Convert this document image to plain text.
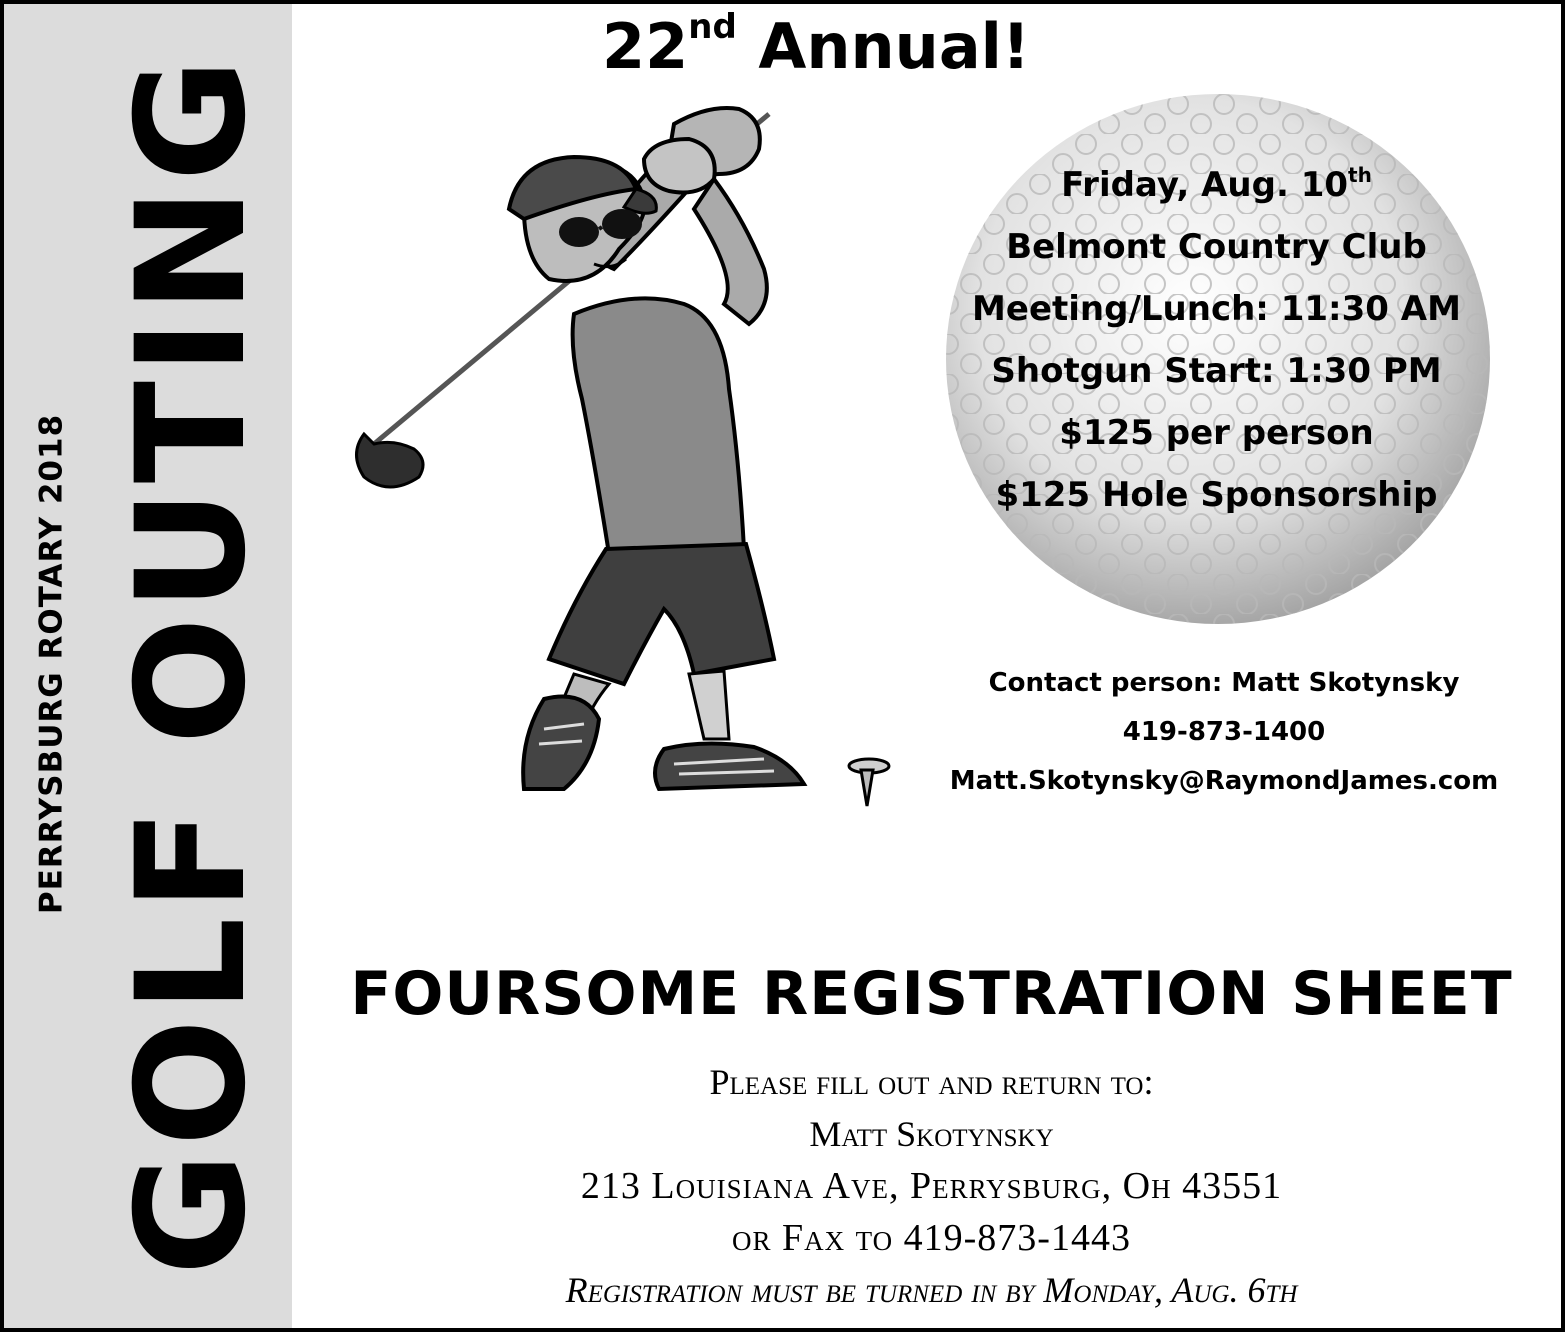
GOLF OUTING
PERRYSBURG ROTARY 2018
22nd Annual!
Friday, Aug. 10th
Belmont Country Club
Meeting/Lunch: 11:30 AM
Shotgun Start: 1:30 PM
$125 per person
$125 Hole Sponsorship
Contact person: Matt Skotynsky
419-873-1400
Matt.Skotynsky@RaymondJames.com
FOURSOME REGISTRATION SHEET
Please fill out and return to:
Matt Skotynsky
213 Louisiana Ave, Perrysburg, Oh 43551
or Fax to 419-873-1443
Registration must be turned in by Monday, Aug. 6th
